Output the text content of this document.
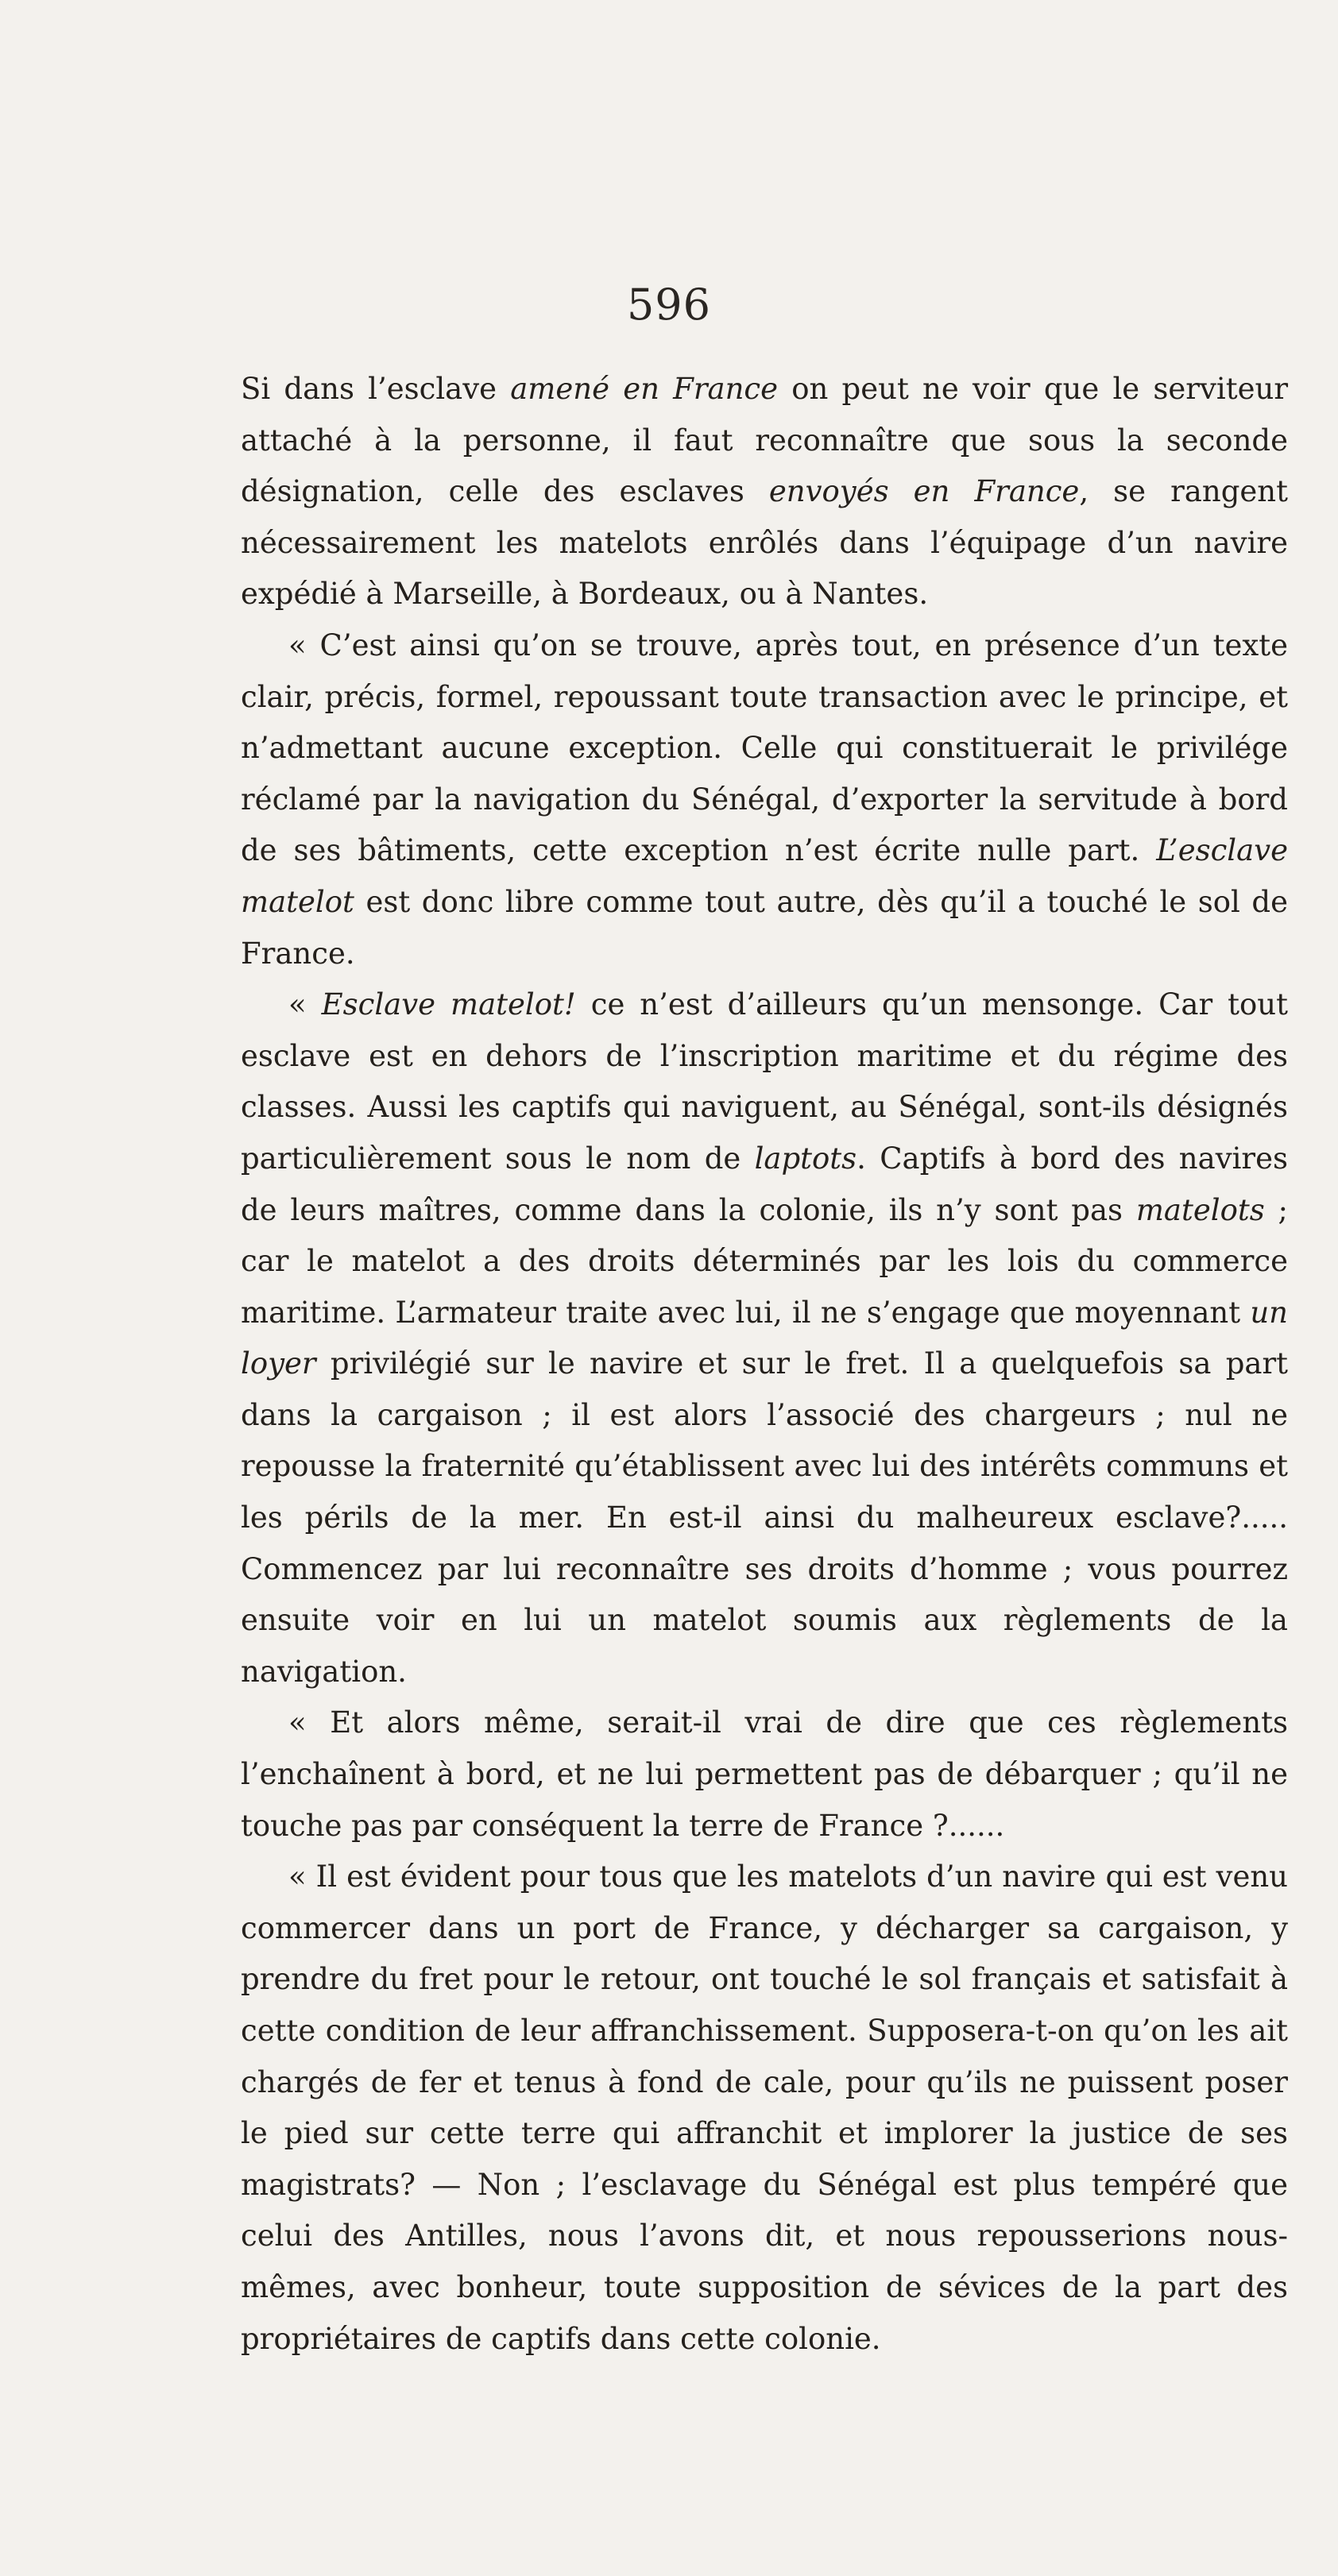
596

Si dans l’esclave amené en France on peut ne voir que le serviteur attaché à la personne, il faut reconnaître que sous la seconde désignation, celle des esclaves envoyés en France, se rangent nécessairement les matelots enrôlés dans l’équipage d’un navire expédié à Marseille, à Bordeaux, ou à Nantes.

« C’est ainsi qu’on se trouve, après tout, en présence d’un texte clair, précis, formel, repoussant toute transaction avec le principe, et n’admettant aucune exception. Celle qui constituerait le privilége réclamé par la navigation du Sénégal, d’exporter la servitude à bord de ses bâtiments, cette exception n’est écrite nulle part. L’esclave matelot est donc libre comme tout autre, dès qu’il a touché le sol de France.

« Esclave matelot! ce n’est d’ailleurs qu’un mensonge. Car tout esclave est en dehors de l’inscription maritime et du régime des classes. Aussi les captifs qui naviguent, au Sénégal, sont-ils désignés particulièrement sous le nom de laptots. Captifs à bord des navires de leurs maîtres, comme dans la colonie, ils n’y sont pas matelots ; car le matelot a des droits déterminés par les lois du commerce maritime. L’armateur traite avec lui, il ne s’engage que moyennant un loyer privilégié sur le navire et sur le fret. Il a quelquefois sa part dans la cargaison ; il est alors l’associé des chargeurs ; nul ne repousse la fraternité qu’établissent avec lui des intérêts communs et les périls de la mer. En est-il ainsi du malheureux esclave?..... Commencez par lui reconnaître ses droits d’homme ; vous pourrez ensuite voir en lui un matelot soumis aux règlements de la navigation.

« Et alors même, serait-il vrai de dire que ces règlements l’enchaînent à bord, et ne lui permettent pas de débarquer ; qu’il ne touche pas par conséquent la terre de France ?......

« Il est évident pour tous que les matelots d’un navire qui est venu commercer dans un port de France, y décharger sa cargaison, y prendre du fret pour le retour, ont touché le sol français et satisfait à cette condition de leur affranchissement. Supposera-t-on qu’on les ait chargés de fer et tenus à fond de cale, pour qu’ils ne puissent poser le pied sur cette terre qui affranchit et implorer la justice de ses magistrats? — Non ; l’esclavage du Sénégal est plus tempéré que celui des Antilles, nous l’avons dit, et nous repousserions nous-mêmes, avec bonheur, toute supposition de sévices de la part des propriétaires de captifs dans cette colonie.
